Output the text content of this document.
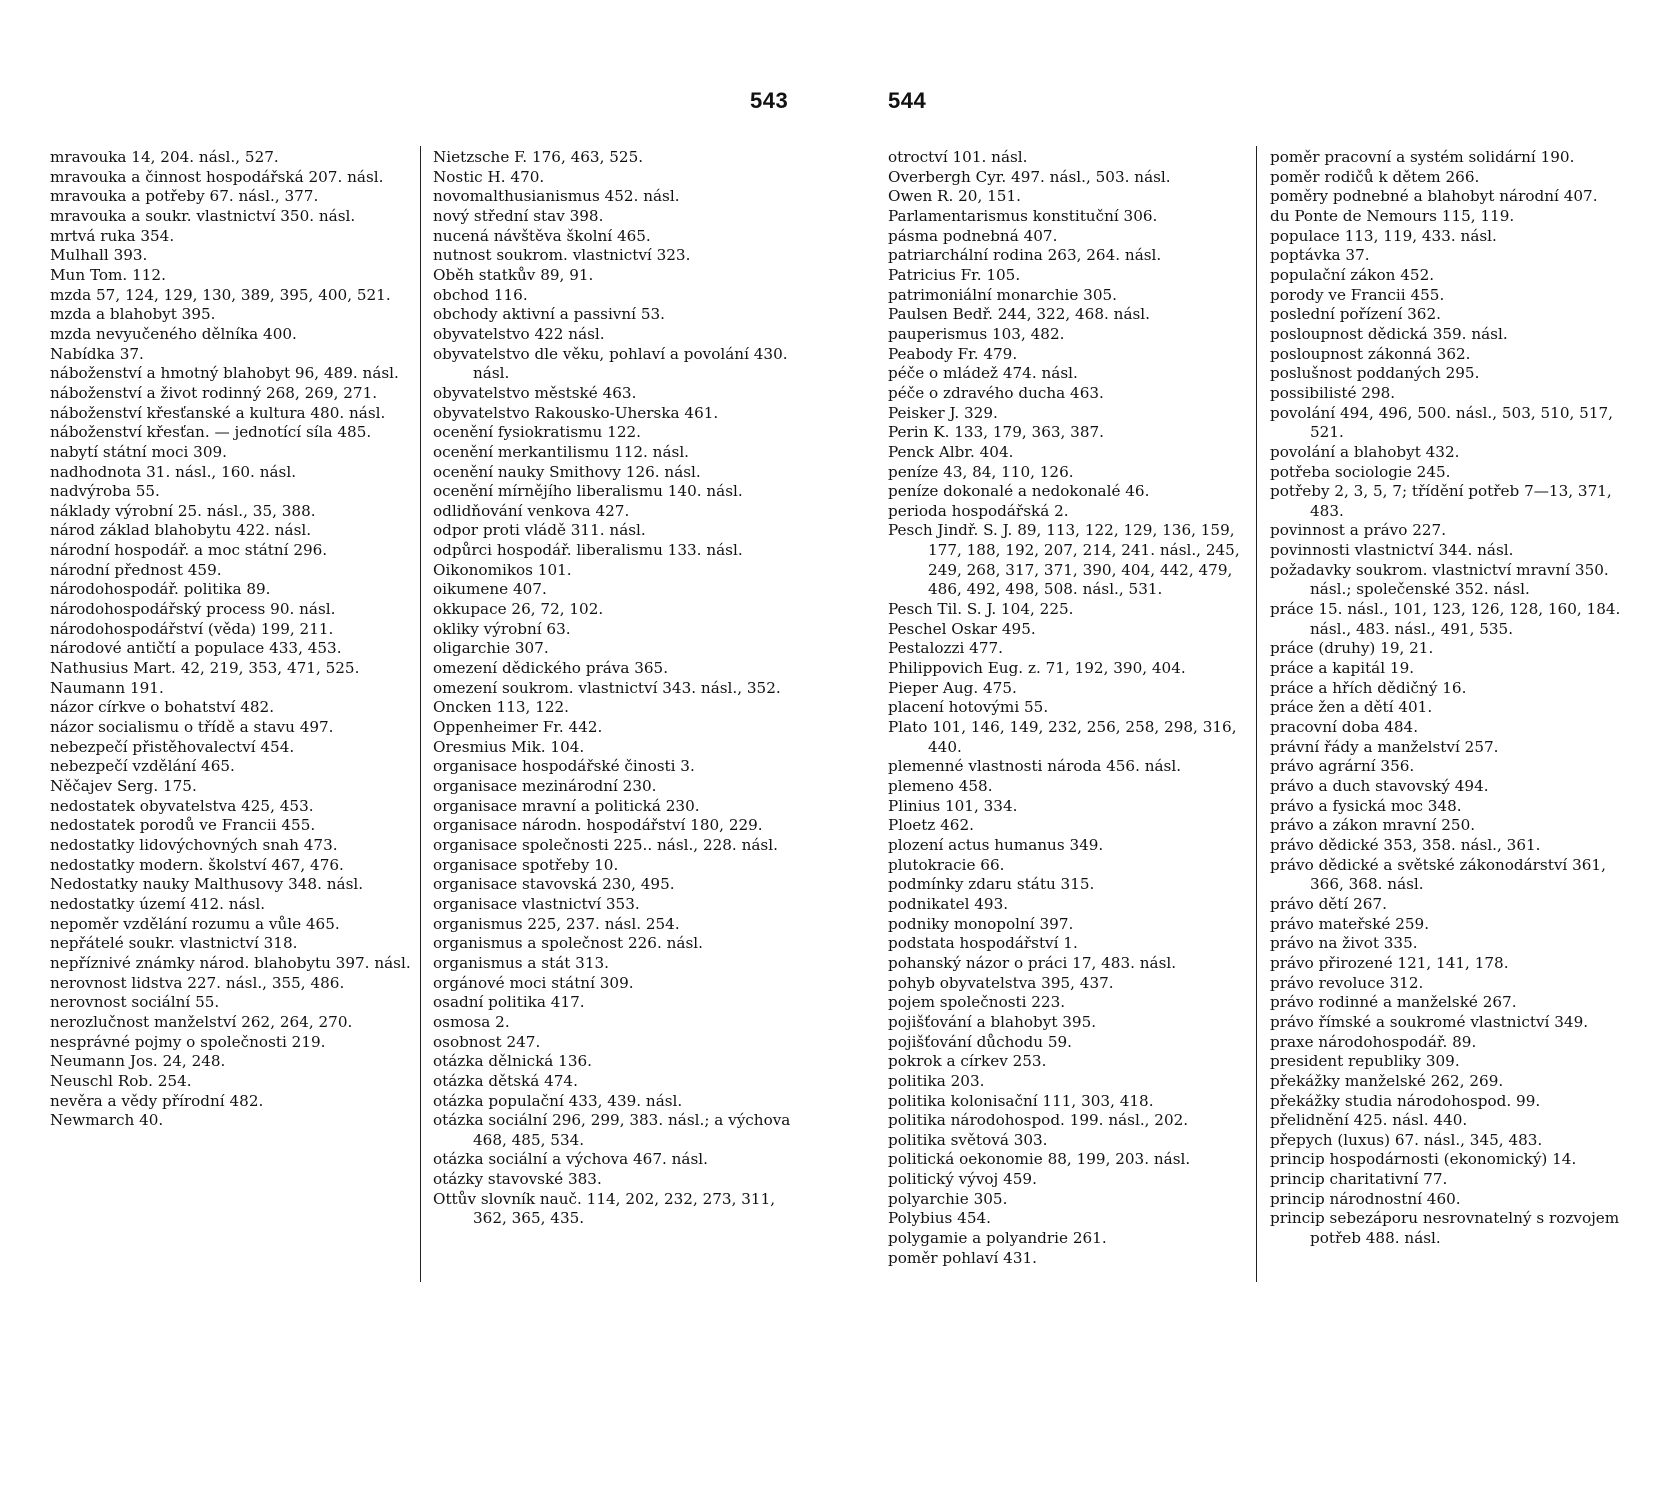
543	544

mravouka 14, 204. násl., 527.

mravouka a činnost hospodářská 207. násl.

mravouka a potřeby 67. násl., 377.

mravouka a soukr. vlastnictví 350. násl.

mrtvá ruka 354.

Mulhall 393.

Mun Tom. 112.

mzda 57, 124, 129, 130, 389, 395, 400, 521.

mzda a blahobyt 395.

mzda nevyučeného dělníka 400.

Nabídka 37.

náboženství a hmotný blahobyt 96, 489. násl.

náboženství a život rodinný 268, 269, 271.

náboženství křesťanské a kultura 480. násl.

náboženství křesťan. — jednotící síla 485.

nabytí státní moci 309.

nadhodnota 31. násl., 160. násl.

nadvýroba 55.

náklady výrobní 25. násl., 35, 388.

národ základ blahobytu 422. násl.

národní hospodář. a moc státní 296.

národní přednost 459.

národohospodář. politika 89.

národohospodářský process 90. násl.

národohospodářství (věda) 199, 211.

národové antičtí a populace 433, 453.

Nathusius Mart. 42, 219, 353, 471, 525.

Naumann 191.

názor církve o bohatství 482.

názor socialismu o třídě a stavu 497.

nebezpečí přistěhovalectví 454.

nebezpečí vzdělání 465.

Něčajev Serg. 175.

nedostatek obyvatelstva 425, 453.

nedostatek porodů ve Francii 455.

nedostatky lidovýchovných snah 473.

nedostatky modern. školství 467, 476.

Nedostatky nauky Malthusovy 348. násl.

nedostatky území 412. násl.

nepoměr vzdělání rozumu a vůle 465.

nepřátelé soukr. vlastnictví 318.

nepříznivé známky národ. blahobytu 397. násl.

nerovnost lidstva 227. násl., 355, 486.

nerovnost sociální 55.

nerozlučnost manželství 262, 264, 270.

nesprávné pojmy o společnosti 219.

Neumann Jos. 24, 248.

Neuschl Rob. 254.

nevěra a vědy přírodní 482.

Newmarch 40.

Nietzsche F. 176, 463, 525.

Nostic H. 470.

novomalthusianismus 452. násl.

nový střední stav 398.

nucená návštěva školní 465.

nutnost soukrom. vlastnictví 323.

Oběh statkův 89, 91.

obchod 116.

obchody aktivní a passivní 53.

obyvatelstvo 422 násl.

obyvatelstvo dle věku, pohlaví a povolání 430. násl.

obyvatelstvo městské 463.

obyvatelstvo Rakousko-Uherska 461.

ocenění fysiokratismu 122.

ocenění merkantilismu 112. násl.

ocenění nauky Smithovy 126. násl.

ocenění mírnějího liberalismu 140. násl.

odlidňování venkova 427.

odpor proti vládě 311. násl.

odpůrci hospodář. liberalismu 133. násl.

Oikonomikos 101.

oikumene 407.

okkupace 26, 72, 102.

okliky výrobní 63.

oligarchie 307.

omezení dědického práva 365.

omezení soukrom. vlastnictví 343. násl., 352.

Oncken 113, 122.

Oppenheimer Fr. 442.

Oresmius Mik. 104.

organisace hospodářské činosti 3.

organisace mezinárodní 230.

organisace mravní a politická 230.

organisace národn. hospodářství 180, 229.

organisace společnosti 225.. násl., 228. násl.

organisace spotřeby 10.

organisace stavovská 230, 495.

organisace vlastnictví 353.

organismus 225, 237. násl. 254.

organismus a společnost 226. násl.

organismus a stát 313.

orgánové moci státní 309.

osadní politika 417.

osmosa 2.

osobnost 247.

otázka dělnická 136.

otázka dětská 474.

otázka populační 433, 439. násl.

otázka sociální 296, 299, 383. násl.; a výchova 468, 485, 534.

otázka sociální a výchova 467. násl.

otázky stavovské 383.

Ottův slovník nauč. 114, 202, 232, 273, 311, 362, 365, 435.

otroctví 101. násl.

Overbergh Cyr. 497. násl., 503. násl.

Owen R. 20, 151.

Parlamentarismus konstituční 306.

pásma podnebná 407.

patriarchální rodina 263, 264. násl.

Patricius Fr. 105.

patrimoniální monarchie 305.

Paulsen Bedř. 244, 322, 468. násl.

pauperismus 103, 482.

Peabody Fr. 479.

péče o mládež 474. násl.

péče o zdravého ducha 463.

Peisker J. 329.

Perin K. 133, 179, 363, 387.

Penck Albr. 404.

peníze 43, 84, 110, 126.

peníze dokonalé a nedokonalé 46.

perioda hospodářská 2.

Pesch Jindř. S. J. 89, 113, 122, 129, 136, 159, 177, 188, 192, 207, 214, 241. násl., 245, 249, 268, 317, 371, 390, 404, 442, 479, 486, 492, 498, 508. násl., 531.

Pesch Til. S. J. 104, 225.

Peschel Oskar 495.

Pestalozzi 477.

Philippovich Eug. z. 71, 192, 390, 404.

Pieper Aug. 475.

placení hotovými 55.

Plato 101, 146, 149, 232, 256, 258, 298, 316, 440.

plemenné vlastnosti národa 456. násl.

plemeno 458.

Plinius 101, 334.

Ploetz 462.

plození actus humanus 349.

plutokracie 66.

podmínky zdaru státu 315.

podnikatel 493.

podniky monopolní 397.

podstata hospodářství 1.

pohanský názor o práci 17, 483. násl.

pohyb obyvatelstva 395, 437.

pojem společnosti 223.

pojišťování a blahobyt 395.

pojišťování důchodu 59.

pokrok a církev 253.

politika 203.

politika kolonisační 111, 303, 418.

politika národohospod. 199. násl., 202.

politika světová 303.

politická oekonomie 88, 199, 203. násl.

politický vývoj 459.

polyarchie 305.

Polybius 454.

polygamie a polyandrie 261.

poměr pohlaví 431.

poměr pracovní a systém solidární 190.

poměr rodičů k dětem 266.

poměry podnebné a blahobyt národní 407.

du Ponte de Nemours 115, 119.

populace 113, 119, 433. násl.

poptávka 37.

populační zákon 452.

porody ve Francii 455.

poslední pořízení 362.

posloupnost dědická 359. násl.

posloupnost zákonná 362.

poslušnost poddaných 295.

possibilisté 298.

povolání 494, 496, 500. násl., 503, 510, 517, 521.

povolání a blahobyt 432.

potřeba sociologie 245.

potřeby 2, 3, 5, 7; třídění potřeb 7—13, 371, 483.

povinnost a právo 227.

povinnosti vlastnictví 344. násl.

požadavky soukrom. vlastnictví mravní 350. násl.; společenské 352. násl.

práce 15. násl., 101, 123, 126, 128, 160, 184. násl., 483. násl., 491, 535.

práce (druhy) 19, 21.

práce a kapitál 19.

práce a hřích dědičný 16.

práce žen a dětí 401.

pracovní doba 484.

právní řády a manželství 257.

právo agrární 356.

právo a duch stavovský 494.

právo a fysická moc 348.

právo a zákon mravní 250.

právo dědické 353, 358. násl., 361.

právo dědické a světské zákonodárství 361, 366, 368. násl.

právo dětí 267.

právo mateřské 259.

právo na život 335.

právo přirozené 121, 141, 178.

právo revoluce 312.

právo rodinné a manželské 267.

právo římské a soukromé vlastnictví 349.

praxe národohospodář. 89.

president republiky 309.

překážky manželské 262, 269.

překážky studia národohospod. 99.

přelidnění 425. násl. 440.

přepych (luxus) 67. násl., 345, 483.

princip hospodárnosti (ekonomický) 14.

princip charitativní 77.

princip národnostní 460.

princip sebezáporu nesrovnatelný s rozvojem potřeb 488. násl.
